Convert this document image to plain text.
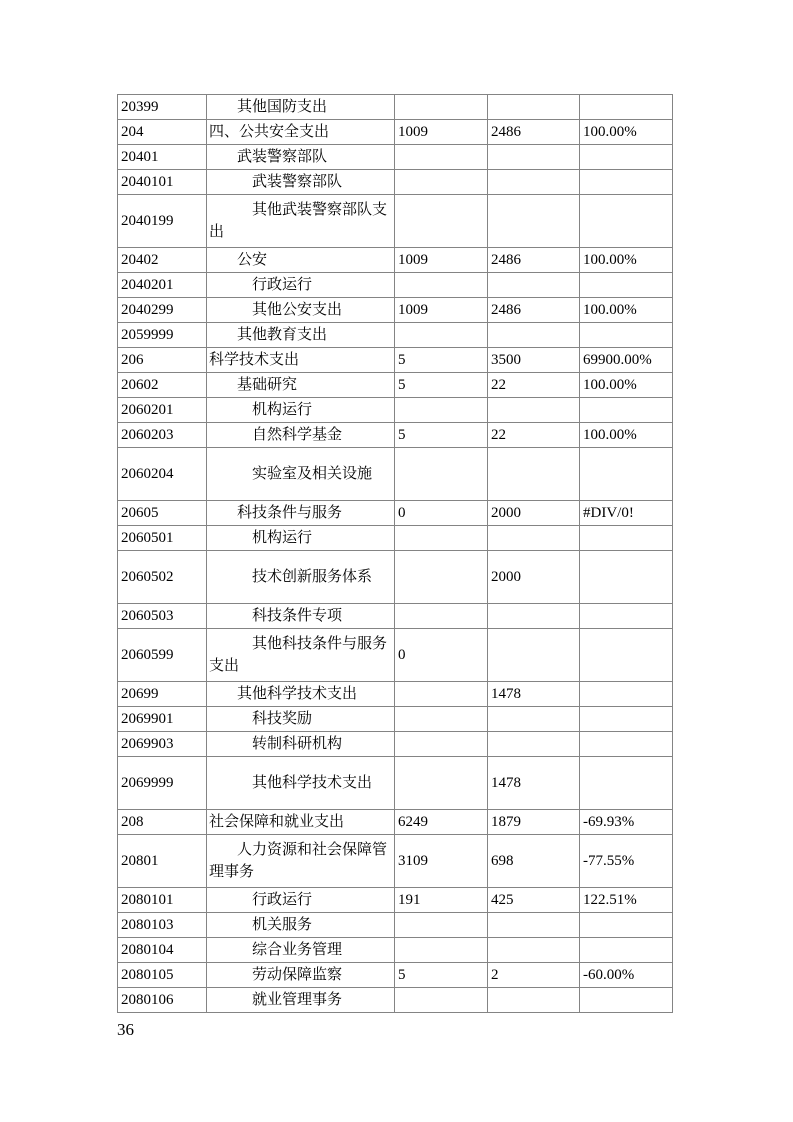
20399	其他国防支出			

204	四、公共安全支出	1009	2486	100.00%
20401	武装警察部队			

2040101	武装警察部队			

2040199	其他武装警察部队支出			

20402	公安	1009	2486	100.00%
2040201	行政运行			

2040299	其他公安支出	1009	2486	100.00%
2059999	其他教育支出			

206	科学技术支出	5	3500	69900.00%
20602	基础研究	5	22	100.00%
2060201	机构运行			

2060203	自然科学基金	5	22	100.00%
2060204	实验室及相关设施			

20605	科技条件与服务	0	2000	#DIV/0!
2060501	机构运行			

2060502	技术创新服务体系		2000	
2060503	科技条件专项			

2060599	其他科技条件与服务支出	0		
20699	其他科学技术支出		1478	
2069901	科技奖励			

2069903	转制科研机构			

2069999	其他科学技术支出		1478	
208	社会保障和就业支出	6249	1879	-69.93%
20801	人力资源和社会保障管理事务	3109	698	-77.55%
2080101	行政运行	191	425	122.51%
2080103	机关服务			

2080104	综合业务管理			

2080105	劳动保障监察	5	2	-60.00%
2080106	就业管理事务			

36
